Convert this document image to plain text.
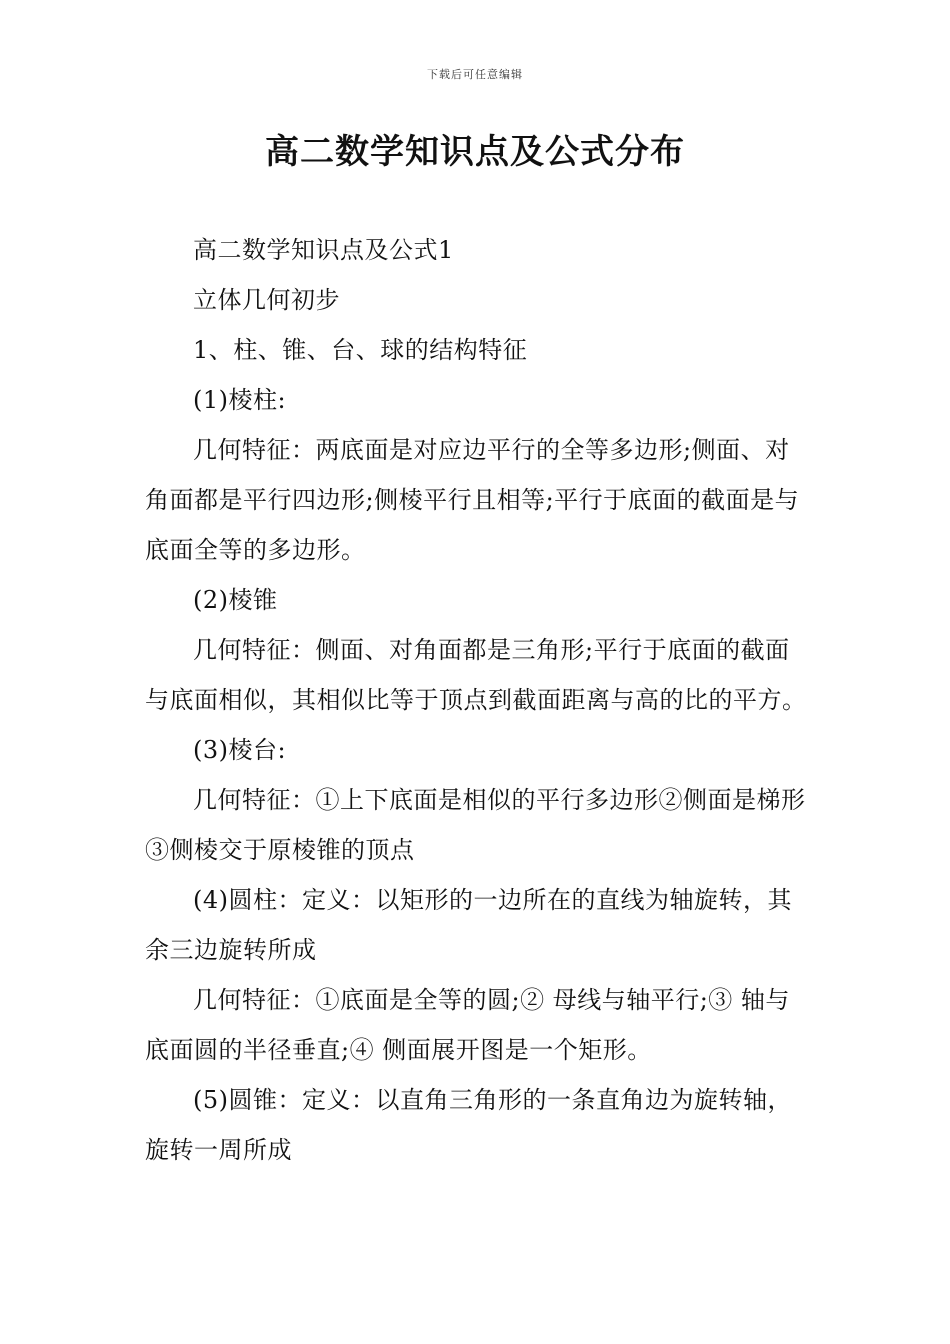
下载后可任意编辑
高二数学知识点及公式分布

高二数学知识点及公式1

立体几何初步

1、柱、锥、台、球的结构特征

(1)棱柱:

几何特征：两底面是对应边平行的全等多边形;侧面、对角面都是平行四边形;侧棱平行且相等;平行于底面的截面是与底面全等的多边形。

(2)棱锥

几何特征：侧面、对角面都是三角形;平行于底面的截面与底面相似，其相似比等于顶点到截面距离与高的比的平方。

(3)棱台:

几何特征：①上下底面是相似的平行多边形②侧面是梯形③侧棱交于原棱锥的顶点

(4)圆柱：定义：以矩形的一边所在的直线为轴旋转，其余三边旋转所成

几何特征：①底面是全等的圆;② 母线与轴平行;③ 轴与底面圆的半径垂直;④ 侧面展开图是一个矩形。

(5)圆锥：定义：以直角三角形的一条直角边为旋转轴，旋转一周所成
